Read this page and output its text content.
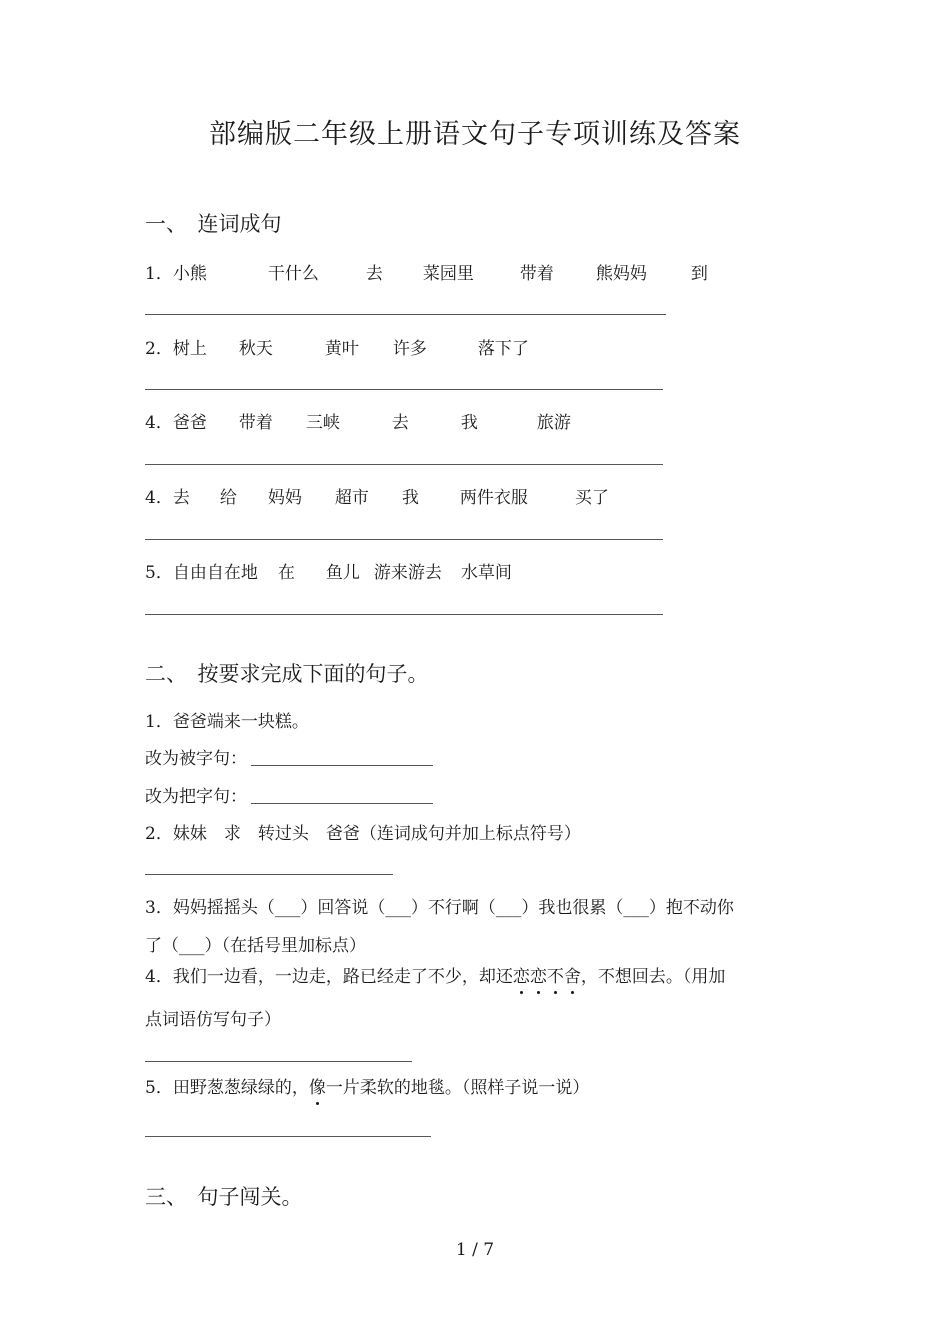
部编版二年级上册语文句子专项训练及答案
一、　连词成句
1．小熊	干什么	去 菜园里	带着 熊妈妈	到
2．树上 秋天	黄叶 许多	落下了
4．爸爸 带着 三峡	去	我	旅游
4．去 给 妈妈 超市 我 两件衣服	买了
5．自由自在地 在 鱼儿 游来游去 水草间
二、　按要求完成下面的句子。
1．爸爸端来一块糕。
改为被字句：
改为把字句：
2．妹妹　求　转过头　爸爸（连词成句并加上标点符号）
3．妈妈摇摇头（___）回答说（___）不行啊（___）我也很累（___）抱不动你
了（___）（在括号里加标点）
4．我们一边看，一边走，路已经走了不少，却还恋恋不舍，不想回去。（用加
点词语仿写句子）
5．田野葱葱绿绿的，像一片柔软的地毯。（照样子说一说）
三、　句子闯关。
1 / 7
